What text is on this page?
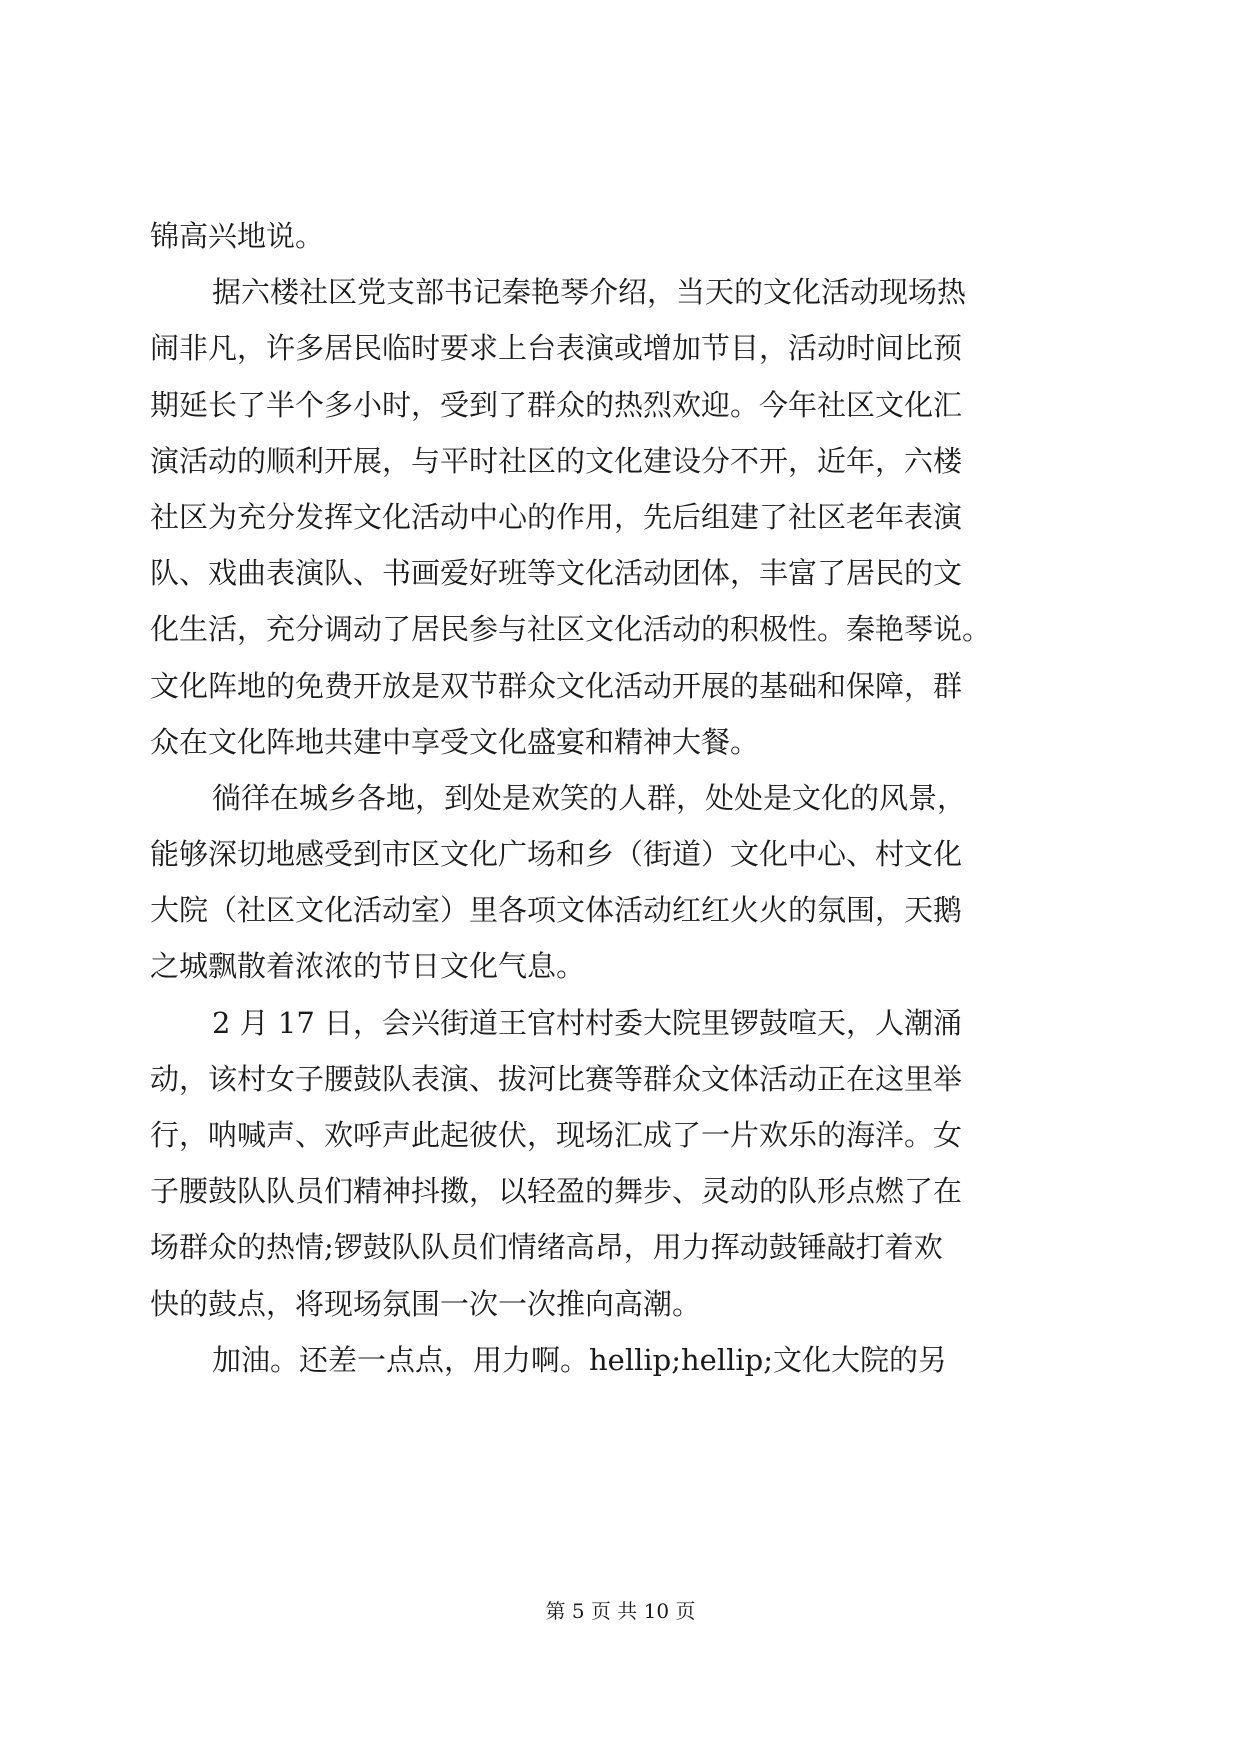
锦高兴地说。
据六楼社区党支部书记秦艳琴介绍，当天的文化活动现场热
闹非凡，许多居民临时要求上台表演或增加节目，活动时间比预
期延长了半个多小时，受到了群众的热烈欢迎。今年社区文化汇
演活动的顺利开展，与平时社区的文化建设分不开，近年，六楼
社区为充分发挥文化活动中心的作用，先后组建了社区老年表演
队、戏曲表演队、书画爱好班等文化活动团体，丰富了居民的文
化生活，充分调动了居民参与社区文化活动的积极性。秦艳琴说。
文化阵地的免费开放是双节群众文化活动开展的基础和保障，群
众在文化阵地共建中享受文化盛宴和精神大餐。
徜徉在城乡各地，到处是欢笑的人群，处处是文化的风景，
能够深切地感受到市区文化广场和乡（街道）文化中心、村文化
大院（社区文化活动室）里各项文体活动红红火火的氛围，天鹅
之城飘散着浓浓的节日文化气息。
2 月 17 日，会兴街道王官村村委大院里锣鼓喧天，人潮涌
动，该村女子腰鼓队表演、拔河比赛等群众文体活动正在这里举
行，呐喊声、欢呼声此起彼伏，现场汇成了一片欢乐的海洋。女
子腰鼓队队员们精神抖擞，以轻盈的舞步、灵动的队形点燃了在
场群众的热情;锣鼓队队员们情绪高昂，用力挥动鼓锤敲打着欢
快的鼓点，将现场氛围一次一次推向高潮。
加油。还差一点点，用力啊。hellip;hellip;文化大院的另
第 5 页 共 10 页
